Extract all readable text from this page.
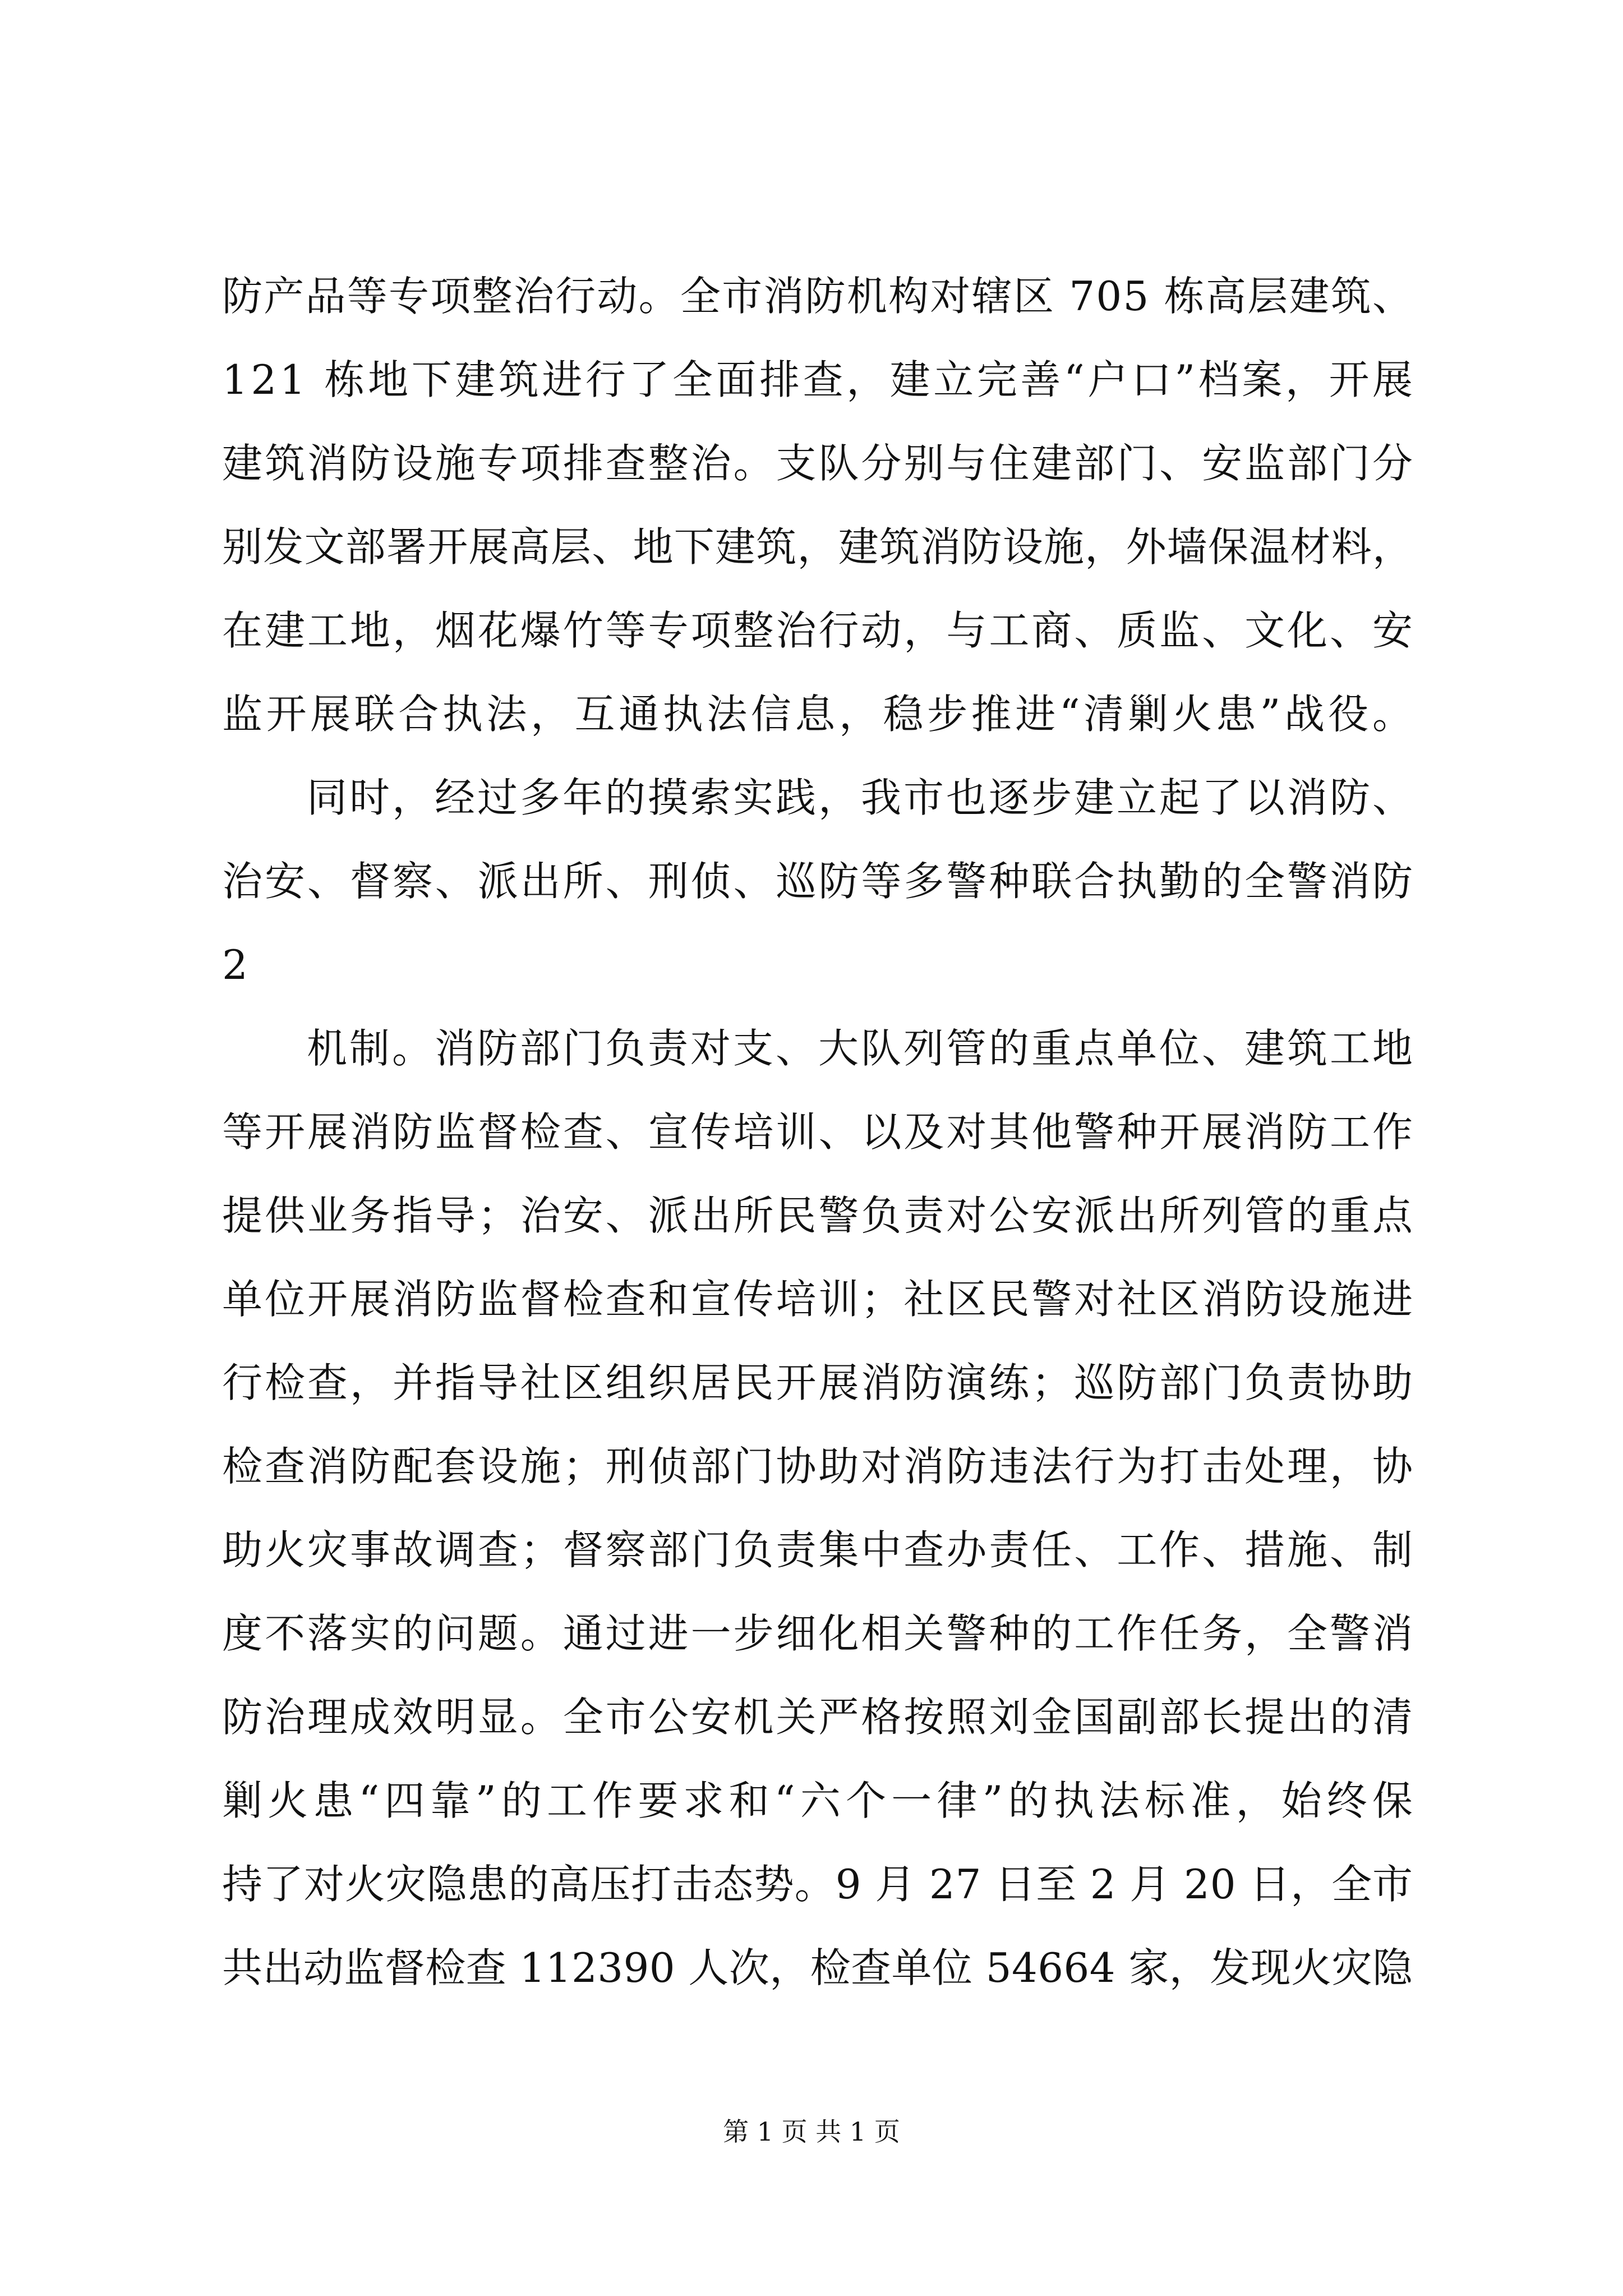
防产品等专项整治行动。全市消防机构对辖区 705 栋高层建筑、
121 栋地下建筑进行了全面排查，建立完善“户口”档案，开展
建筑消防设施专项排查整治。支队分别与住建部门、安监部门分
别发文部署开展高层、地下建筑，建筑消防设施，外墙保温材料，
在建工地，烟花爆竹等专项整治行动，与工商、质监、文化、安
监开展联合执法，互通执法信息，稳步推进“清剿火患”战役。
同时，经过多年的摸索实践，我市也逐步建立起了以消防、
治安、督察、派出所、刑侦、巡防等多警种联合执勤的全警消防
2
机制。消防部门负责对支、大队列管的重点单位、建筑工地
等开展消防监督检查、宣传培训、以及对其他警种开展消防工作
提供业务指导；治安、派出所民警负责对公安派出所列管的重点
单位开展消防监督检查和宣传培训；社区民警对社区消防设施进
行检查，并指导社区组织居民开展消防演练；巡防部门负责协助
检查消防配套设施；刑侦部门协助对消防违法行为打击处理，协
助火灾事故调查；督察部门负责集中查办责任、工作、措施、制
度不落实的问题。通过进一步细化相关警种的工作任务，全警消
防治理成效明显。全市公安机关严格按照刘金国副部长提出的清
剿火患“四靠”的工作要求和“六个一律”的执法标准，始终保
持了对火灾隐患的高压打击态势。9 月 27 日至 2 月 20 日，全市
共出动监督检查 112390 人次，检查单位 54664 家，发现火灾隐
第 1 页 共 1 页
